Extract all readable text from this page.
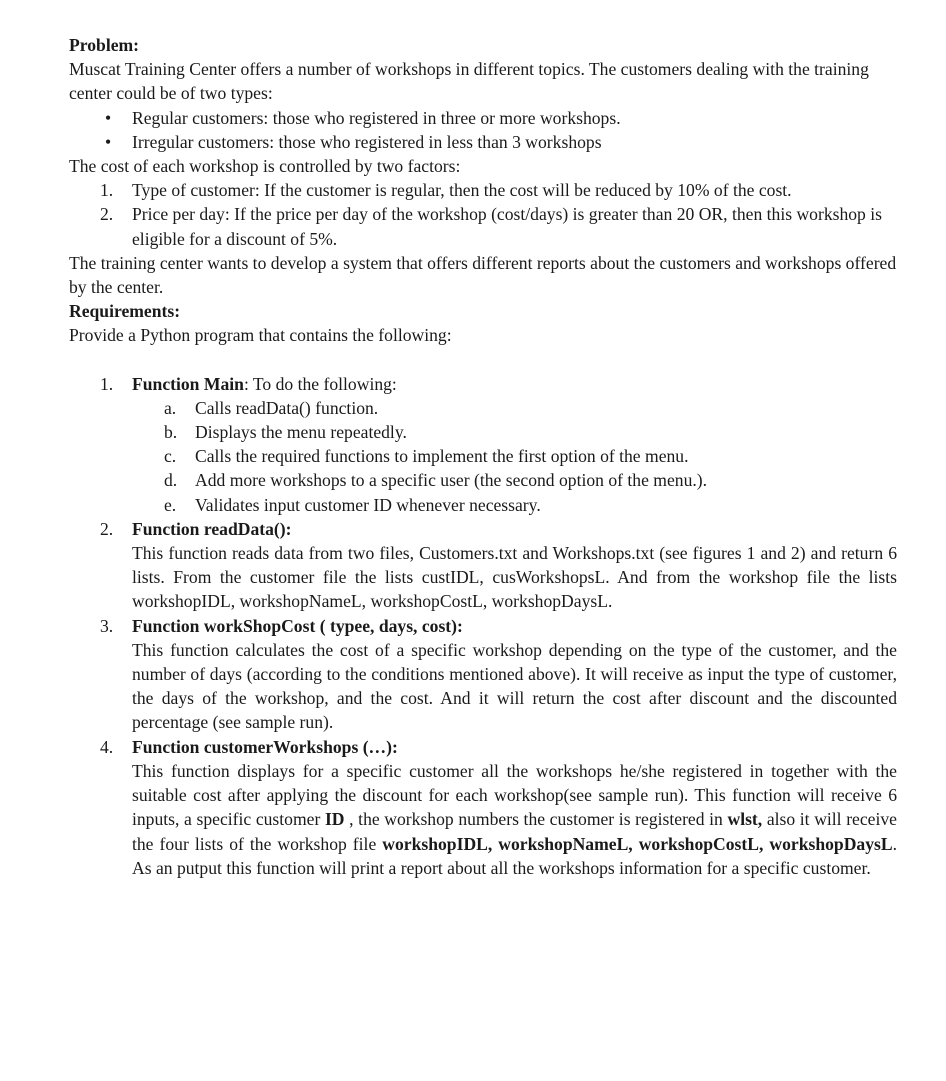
Problem:

Muscat Training Center offers a number of workshops in different topics. The customers dealing with the training center could be of two types:

• Regular customers: those who registered in three or more workshops.
• Irregular customers: those who registered in less than 3 workshops

The cost of each workshop is controlled by two factors:

1. Type of customer: If the customer is regular, then the cost will be reduced by 10% of the cost.
2. Price per day: If the price per day of the workshop (cost/days) is greater than 20 OR, then this workshop is eligible for a discount of 5%.

The training center wants to develop a system that offers different reports about the customers and workshops offered by the center.

Requirements:

Provide a Python program that contains the following:

1. Function Main: To do the following:
a. Calls readData() function.
b. Displays the menu repeatedly.
c. Calls the required functions to implement the first option of the menu.
d. Add more workshops to a specific user (the second option of the menu.).
e. Validates input customer ID whenever necessary.
2. Function readData():
This function reads data from two files, Customers.txt and Workshops.txt (see figures 1 and 2) and return 6 lists. From the customer file the lists custIDL, cusWorkshopsL. And from the workshop file the lists workshopIDL, workshopNameL, workshopCostL, workshopDaysL.
3. Function workShopCost ( typee, days, cost):
This function calculates the cost of a specific workshop depending on the type of the customer, and the number of days (according to the conditions mentioned above). It will receive as input the type of customer, the days of the workshop, and the cost. And it will return the cost after discount and the discounted percentage (see sample run).
4. Function customerWorkshops (…):
This function displays for a specific customer all the workshops he/she registered in together with the suitable cost after applying the discount for each workshop(see sample run). This function will receive 6 inputs, a specific customer ID , the workshop numbers the customer is registered in wlst, also it will receive the four lists of the workshop file workshopIDL, workshopNameL, workshopCostL, workshopDaysL. As an putput this function will print a report about all the workshops information for a specific customer.
